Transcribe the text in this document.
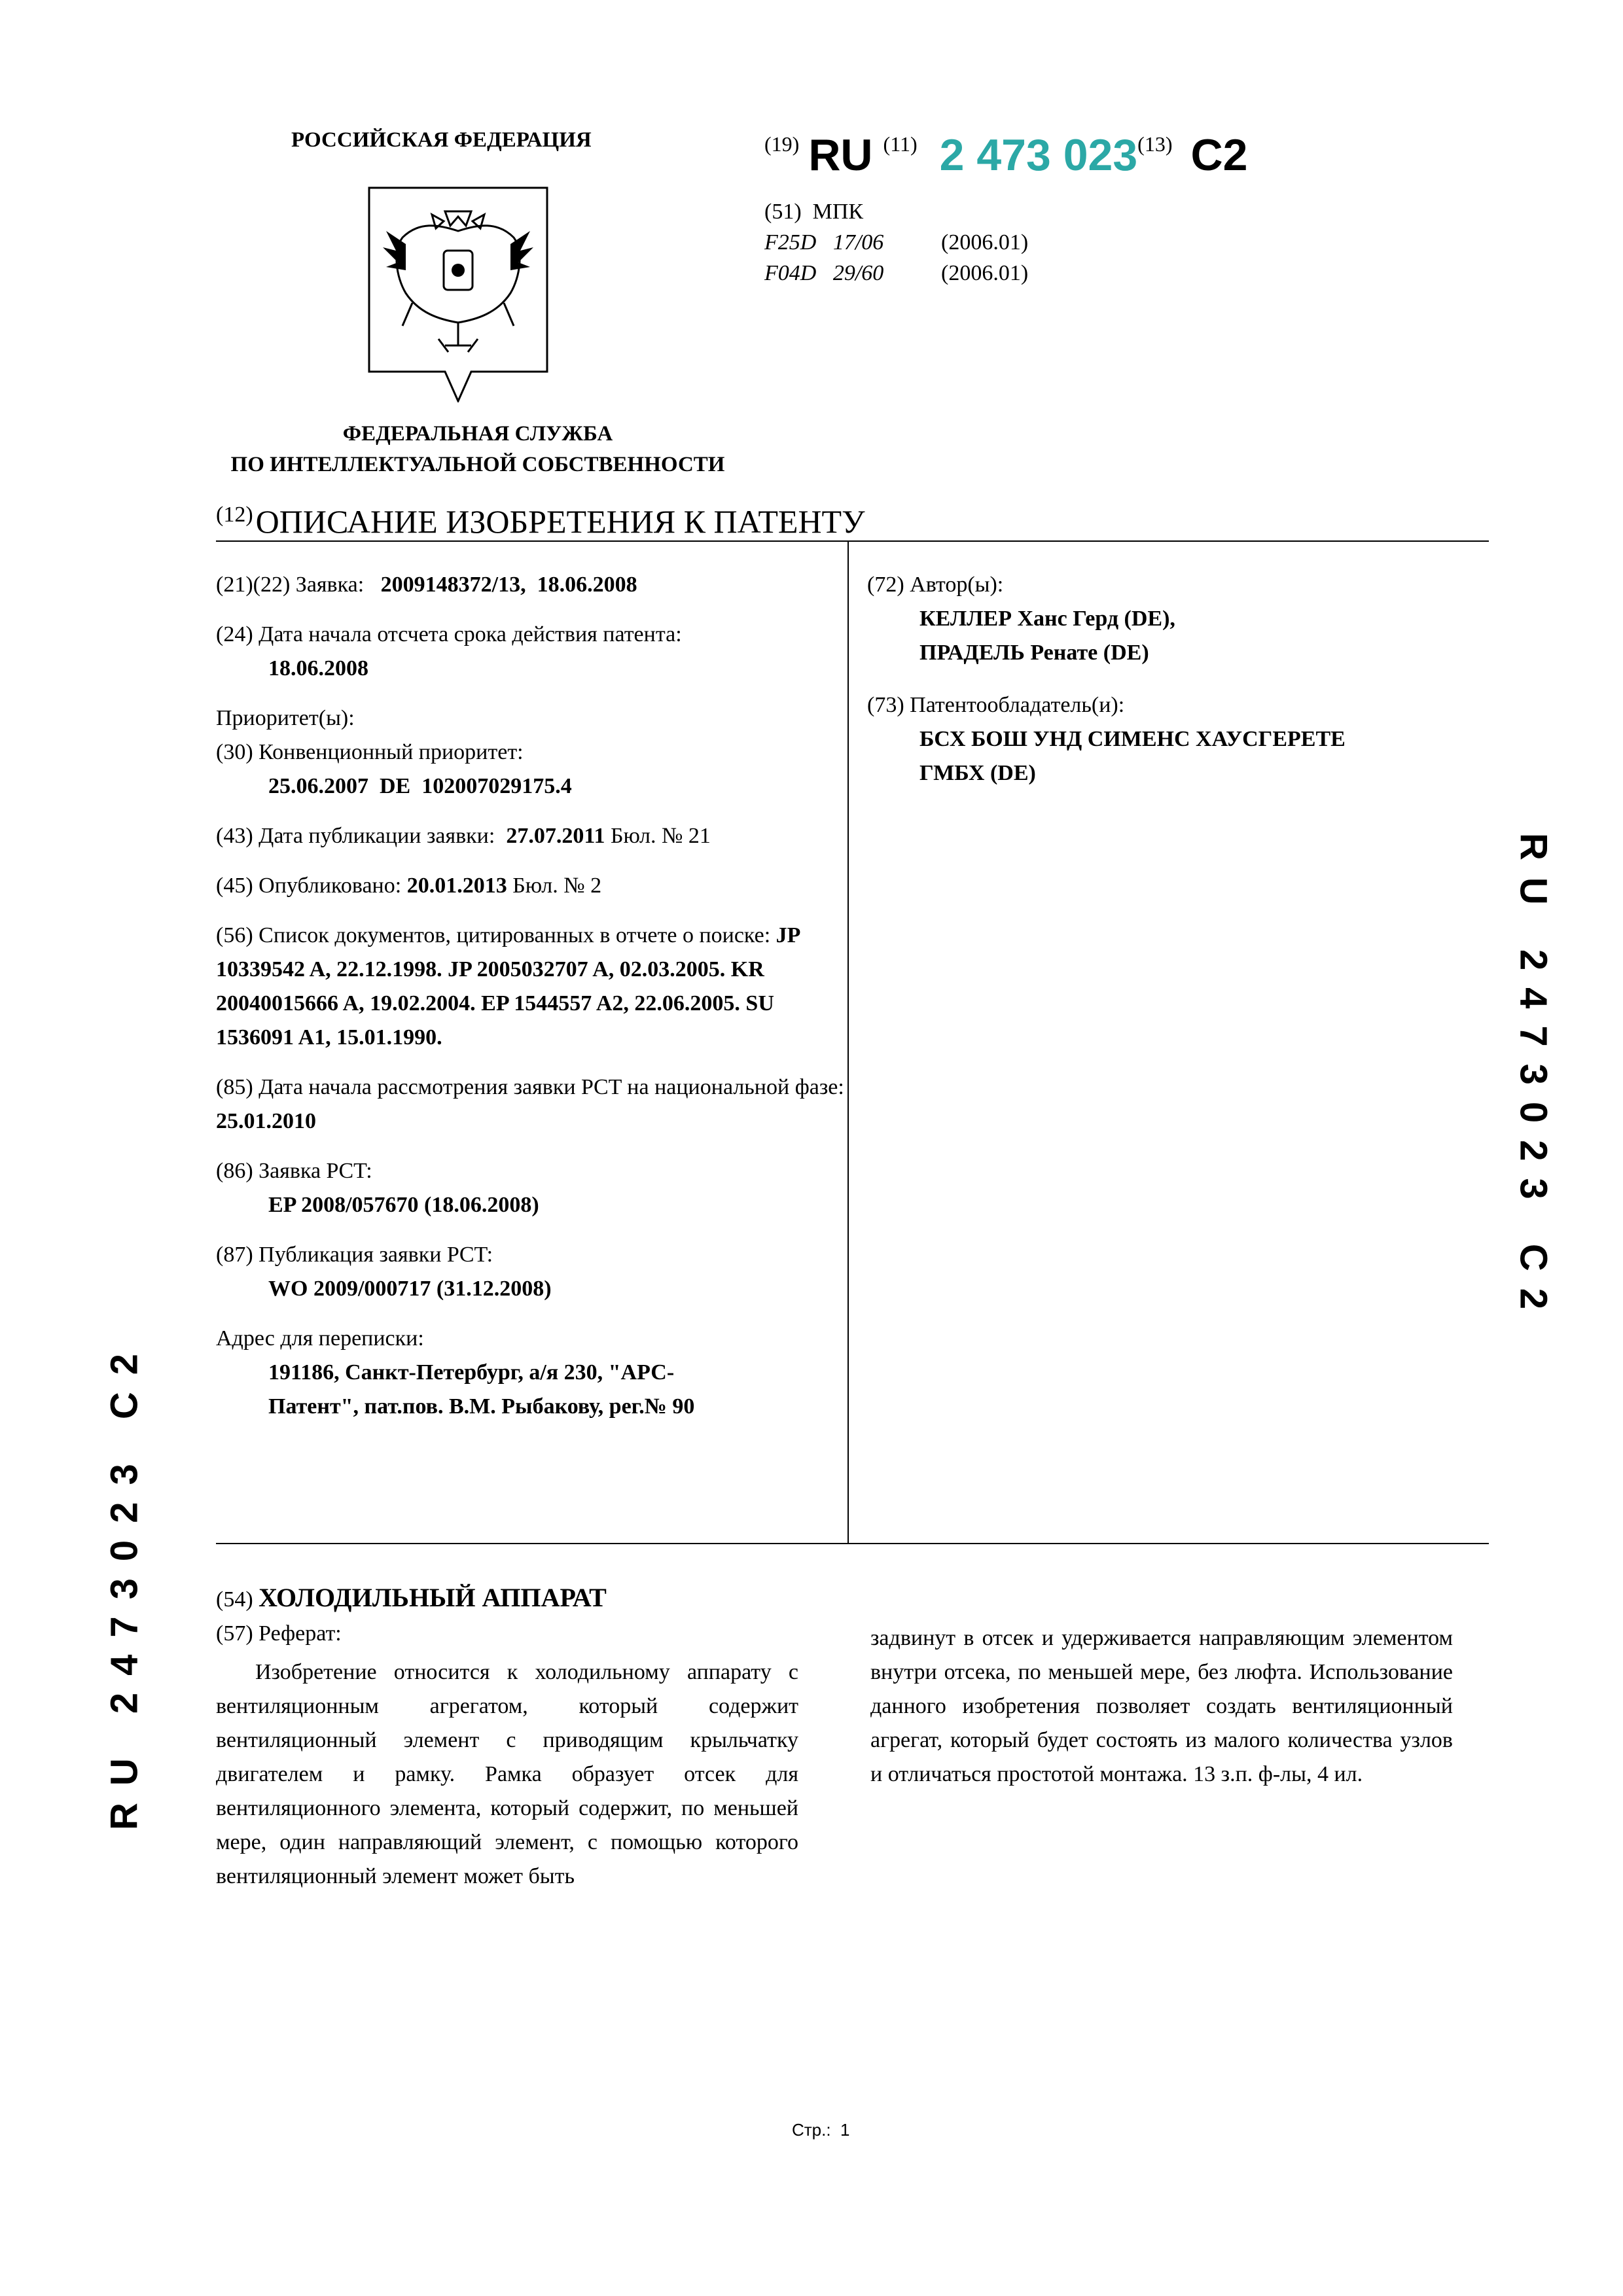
РОССИЙСКАЯ ФЕДЕРАЦИЯ
ФЕДЕРАЛЬНАЯ СЛУЖБА
ПО ИНТЕЛЛЕКТУАЛЬНОЙ СОБСТВЕННОСТИ
(19) RU (11) 2 473 023(13) C2
(51)  МПК
F25D   17/06	(2006.01)
F04D   29/60	(2006.01)
(12) ОПИСАНИЕ ИЗОБРЕТЕНИЯ К ПАТЕНТУ
(21)(22) Заявка: 2009148372/13,  18.06.2008
(24) Дата начала отсчета срока действия патента:
18.06.2008
Приоритет(ы):
(30) Конвенционный приоритет:
25.06.2007  DE  102007029175.4
(43) Дата публикации заявки: 27.07.2011 Бюл. № 21
(45) Опубликовано: 20.01.2013 Бюл. № 2
(56) Список документов, цитированных в отчете о поиске: JP 10339542 A, 22.12.1998. JP 2005032707 A, 02.03.2005. KR 20040015666 A, 19.02.2004. EP 1544557 A2, 22.06.2005. SU 1536091 A1, 15.01.1990.
(85) Дата начала рассмотрения заявки PCT на национальной фазе: 25.01.2010
(86) Заявка PCT:
EP 2008/057670 (18.06.2008)
(87) Публикация заявки PCT:
WO 2009/000717 (31.12.2008)
Адрес для переписки:
191186, Санкт-Петербург, а/я 230, "АРС-
Патент", пат.пов. В.М. Рыбакову, рег.№ 90
(72) Автор(ы):
КЕЛЛЕР Ханс Герд (DE),
ПРАДЕЛЬ Ренате (DE)
(73) Патентообладатель(и):
БСХ БОШ УНД СИМЕНС ХАУСГЕРЕТЕ
ГМБХ (DE)
RU 2473023 C2
RU 2473023 C2
(54) ХОЛОДИЛЬНЫЙ АППАРАТ
(57) Реферат:
Изобретение относится к холодильному аппарату с вентиляционным агрегатом, который содержит вентиляционный элемент с приводящим крыльчатку двигателем и рамку. Рамка образует отсек для вентиляционного элемента, который содержит, по меньшей мере, один направляющий элемент, с помощью которого вентиляционный элемент может быть
задвинут в отсек и удерживается направляющим элементом внутри отсека, по меньшей мере, без люфта. Использование данного изобретения позволяет создать вентиляционный агрегат, который будет состоять из малого количества узлов и отличаться простотой монтажа. 13 з.п. ф-лы, 4 ил.
Стр.:  1
